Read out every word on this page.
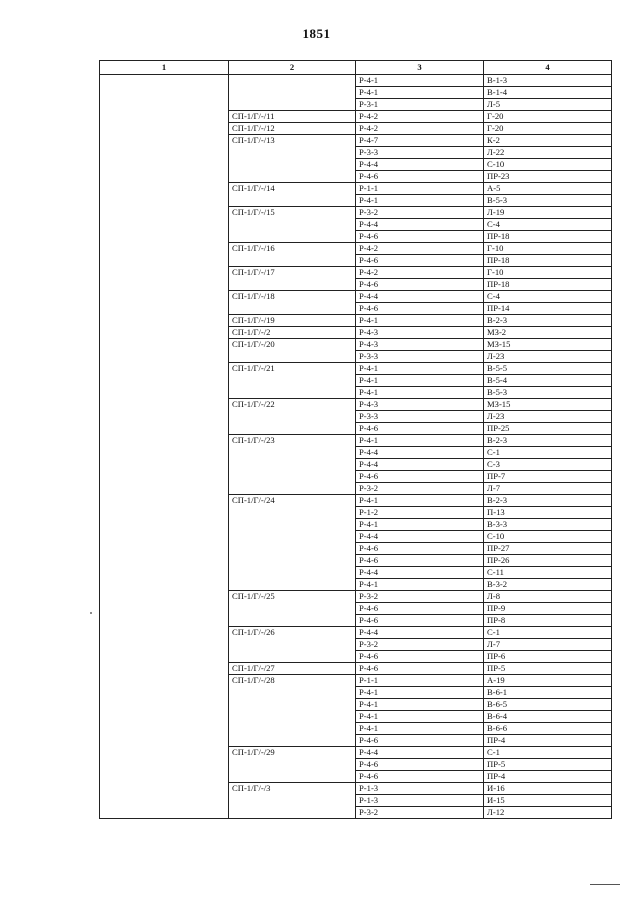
1851
1	2	3	4
		Р-4-1	В-1-3
		Р-4-1	В-1-4
		Р-3-1	Л-5
	СП-1/Г/-/11	Р-4-2	Г-20
	СП-1/Г/-/12	Р-4-2	Г-20
	СП-1/Г/-/13	Р-4-7	К-2
		Р-3-3	Л-22
		Р-4-4	С-10
		Р-4-6	ПР-23
	СП-1/Г/-/14	Р-1-1	А-5
		Р-4-1	В-5-3
	СП-1/Г/-/15	Р-3-2	Л-19
		Р-4-4	С-4
		Р-4-6	ПР-18
	СП-1/Г/-/16	Р-4-2	Г-10
		Р-4-6	ПР-18
	СП-1/Г/-/17	Р-4-2	Г-10
		Р-4-6	ПР-18
	СП-1/Г/-/18	Р-4-4	С-4
		Р-4-6	ПР-14
	СП-1/Г/-/19	Р-4-1	В-2-3
	СП-1/Г/-/2	Р-4-3	МЗ-2
	СП-1/Г/-/20	Р-4-3	МЗ-15
		Р-3-3	Л-23
	СП-1/Г/-/21	Р-4-1	В-5-5
		Р-4-1	В-5-4
		Р-4-1	В-5-3
	СП-1/Г/-/22	Р-4-3	МЗ-15
		Р-3-3	Л-23
		Р-4-6	ПР-25
	СП-1/Г/-/23	Р-4-1	В-2-3
		Р-4-4	С-1
		Р-4-4	С-3
		Р-4-6	ПР-7
		Р-3-2	Л-7
	СП-1/Г/-/24	Р-4-1	В-2-3
		Р-1-2	П-13
		Р-4-1	В-3-3
		Р-4-4	С-10
		Р-4-6	ПР-27
		Р-4-6	ПР-26
		Р-4-4	С-11
		Р-4-1	В-3-2
	СП-1/Г/-/25	Р-3-2	Л-8
		Р-4-6	ПР-9
		Р-4-6	ПР-8
	СП-1/Г/-/26	Р-4-4	С-1
		Р-3-2	Л-7
		Р-4-6	ПР-6
	СП-1/Г/-/27	Р-4-6	ПР-5
	СП-1/Г/-/28	Р-1-1	А-19
		Р-4-1	В-6-1
		Р-4-1	В-6-5
		Р-4-1	В-6-4
		Р-4-1	В-6-6
		Р-4-6	ПР-4
	СП-1/Г/-/29	Р-4-4	С-1
		Р-4-6	ПР-5
		Р-4-6	ПР-4
	СП-1/Г/-/3	Р-1-3	И-16
		Р-1-3	И-15
		Р-3-2	Л-12
